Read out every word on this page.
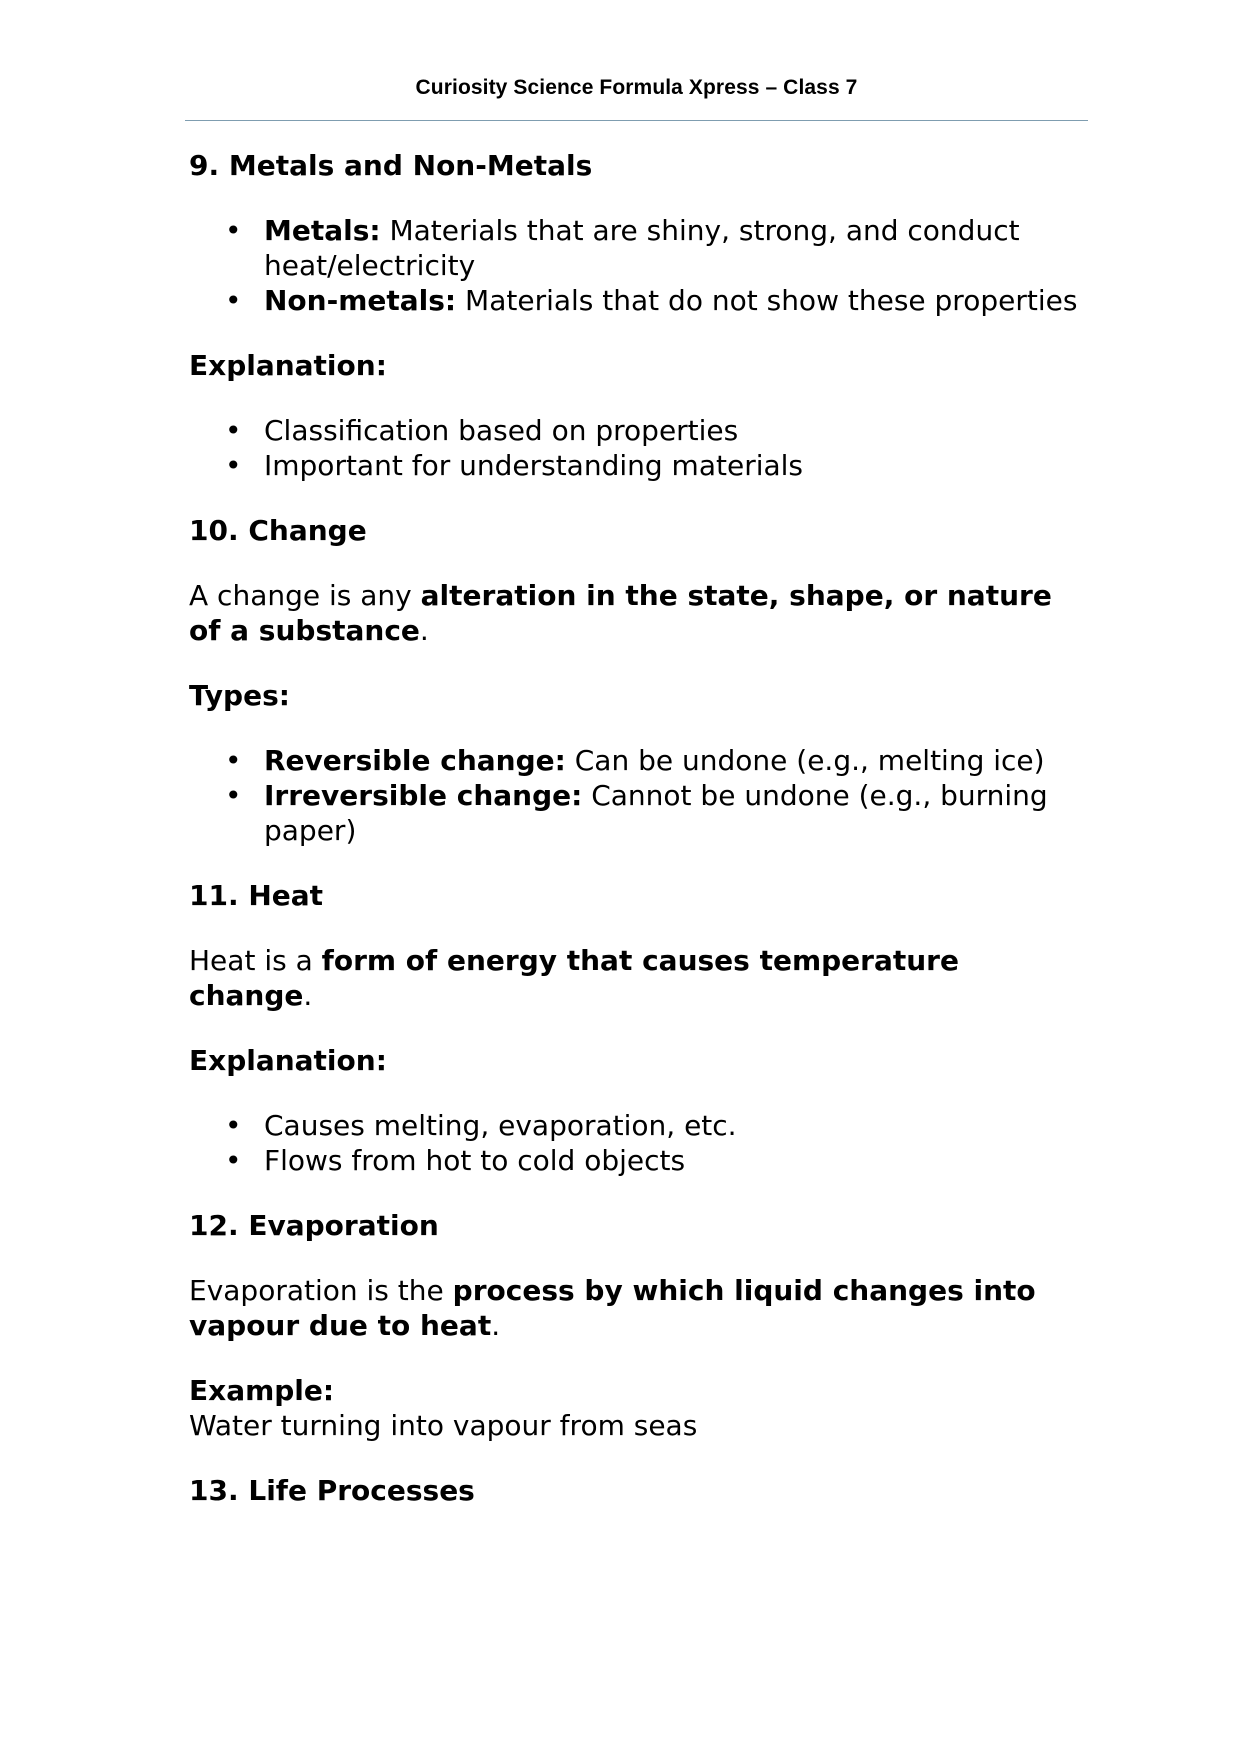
Curiosity Science Formula Xpress – Class 7
9. Metals and Non-Metals
• Metals: Materials that are shiny, strong, and conduct heat/electricity
• Non-metals: Materials that do not show these properties
Explanation:
• Classification based on properties
• Important for understanding materials
10. Change

A change is any alteration in the state, shape, or nature of a substance.

Types:
• Reversible change: Can be undone (e.g., melting ice)
• Irreversible change: Cannot be undone (e.g., burning paper)
11. Heat

Heat is a form of energy that causes temperature change.

Explanation:
• Causes melting, evaporation, etc.
• Flows from hot to cold objects
12. Evaporation

Evaporation is the process by which liquid changes into vapour due to heat.

Example:

Water turning into vapour from seas

13. Life Processes
